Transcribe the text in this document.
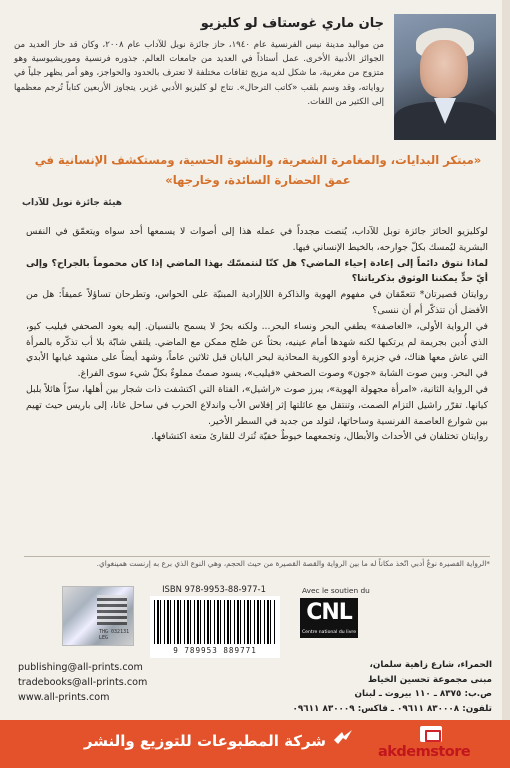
جان ماري غوستاف لو كليزيو
من مواليد مدينة نيس الفرنسية عام ١٩٤٠، حاز جائزة نوبل للآداب عام ٢٠٠٨، وكان قد حاز العديد من الجوائز الأدبية الأخرى. عمل أستاذاً في العديد من جامعات العالم. جذوره فرنسية وموريشيوسية وهو متزوج من مغربية، ما شكل لديه مزيج ثقافات مختلفة لا تعترف بالحدود والحواجز، وهو أمر يظهر جلياً في رواياته، وقد وسم بلقب «كاتب الترحال». نتاج لو كليزيو الأدبي غزير، يتجاوز الأربعين كتاباً تُرجم معظمها إلى الكثير من اللغات.
«مبتكر البدايات، والمغامرة الشعرية، والنشوة الحسية، ومستكشف الإنسانية في عمق الحضارة السائدة، وخارجها»
هيئة جائزة نوبل للآداب

لوكليزيو الحائز جائزة نوبل للآداب، يُنصت مجدداً في عمله هذا إلى أصوات لا يسمعها أحد سواه ويتعمّق في النفس البشرية ليُمسك بكلّ جوارحه، بالخيط الإنساني فيها.

لماذا نتوق دائماً إلى إعادة إحياء الماضي؟ هل كنّا لنتمسّك بهذا الماضي إذا كان محموماً بالجراح؟ وإلى أيّ حدٍّ يمكننا الوثوق بذكرياتنا؟

روايتان قصيرتان* تتعمّقان في مفهوم الهوية والذاكرة اللاإرادية المبنيّة على الحواس، وتطرحان تساؤلاً عميقاً: هل من الأفضل أن تتذكّر أم أن ننسى؟

في الرواية الأولى، «العاصفة» يطفي البحر ونساء البحر... ولكنه بحرٌ لا يسمح بالنسيان. إليه يعود الصحفي فيليب كيو، الذي أُدين بجريمة لم يرتكبها لكنه شهدها أمام عينيه، بحثاً عن صُلح ممكن مع الماضي. يلتقي شابّة بلا أب تذكّره بالمرأة التي عاش معها هناك، في جزيرة أودو الكورية المحاذية لبحر اليابان قبل ثلاثين عاماً، وشهد أيضاً على مشهد غيابها الأبدي في البحر. وبين صوت الشابة «جون» وصوت الصحفي «فيليب»، يسود صمتٌ مملوءٌ بكلّ شيء سوى الفراغ.

في الرواية الثانية، «امرأة مجهولة الهوية»، يبرز صوت «راشيل»، الفتاة التي اكتشفت ذات شجار بين أهلها، سرّاً هائلاً بلبل كيانها. تقرّر راشيل التزام الصمت، وتنتقل مع عائلتها إثر إفلاس الأب واندلاع الحرب في ساحل غانا، إلى باريس حيث تهيم بين شوارع العاصمة الفرنسية وساحاتها، لتولد من جديد في السطر الأخير.

روايتان تختلفان في الأحداث والأبطال، وتجمعهما خيوطٌ خفيّة تُترك للقارئ متعة اكتشافها.

*الرواية القصيرة نوعٌ أدبي اتّخذ مكاناً له ما بين الرواية والقصة القصيرة من حيث الحجم، وهي النوع الذي برع به إرنست همينغواي.
THG 032131 LEG
ISBN 978-9953-88-977-1
9 789953 889771
Avec le soutien du
CNL
Centre national du livre
publishing@all-prints.com
tradebooks@all-prints.com
www.all-prints.com
الحمراء، شارع زاهية سلمان،
مبنى مجموعة تحسين الخياط
ص.ب: ٨٣٧٥ ـ ١١٠ بيروت ـ لبنان
تلفون: ٨٣٠٠٠٨ ٠٩٦١١ ـ فاكس: ٨٣٠٠٠٩ ٠٩٦١١
شركة المطبوعات للتوزيع والنشر
akdemstore
